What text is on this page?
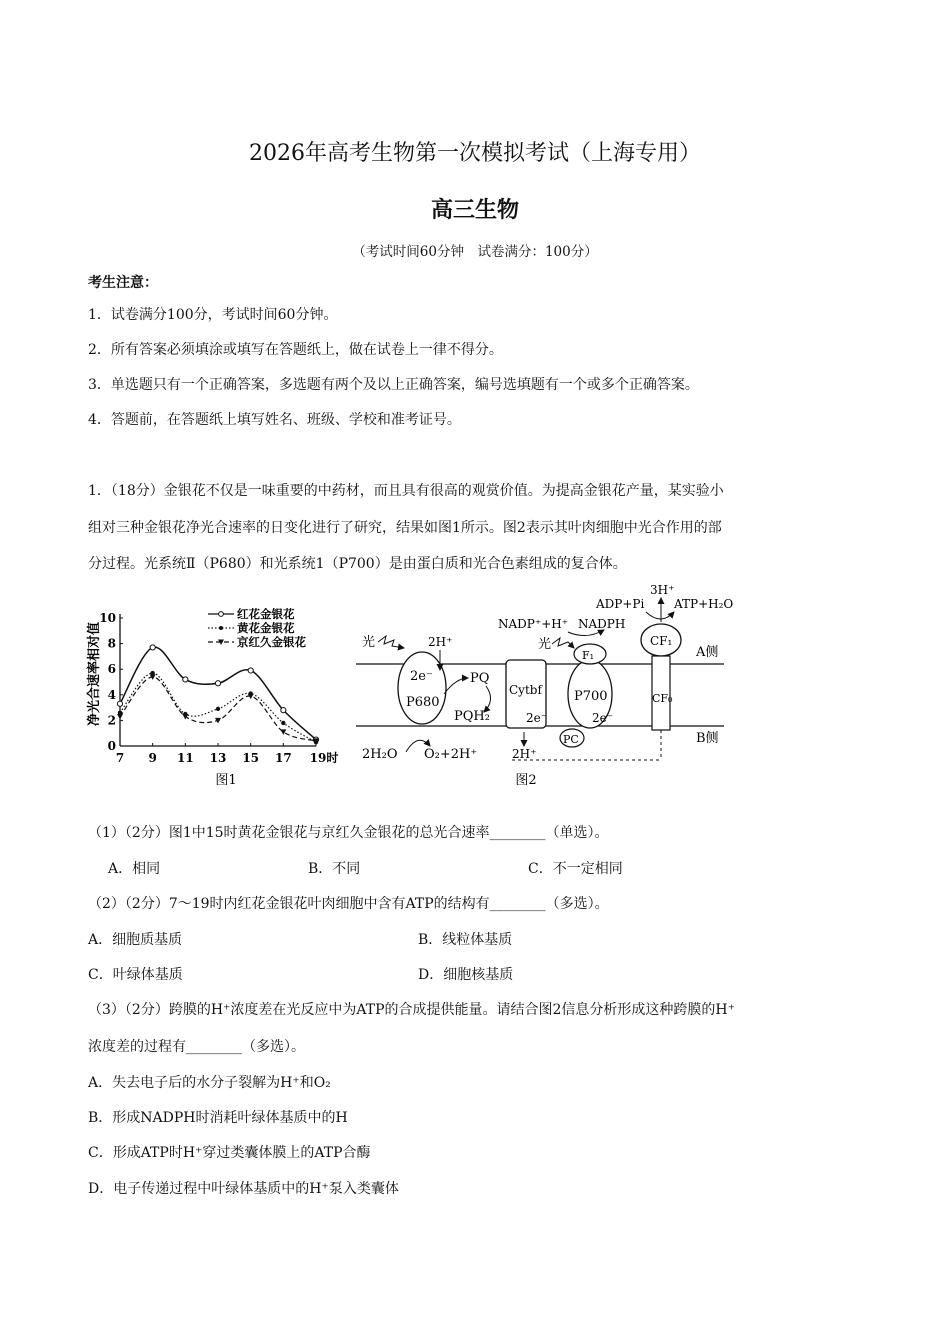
2026年高考生物第一次模拟考试（上海专用）
高三生物
（考试时间60分钟　试卷满分：100分）
考生注意：
1．试卷满分100分，考试时间60分钟。
2．所有答案必须填涂或填写在答题纸上，做在试卷上一律不得分。
3．单选题只有一个正确答案，多选题有两个及以上正确答案，编号选填题有一个或多个正确答案。
4．答题前，在答题纸上填写姓名、班级、学校和准考证号。
1．（18分）金银花不仅是一味重要的中药材，而且具有很高的观赏价值。为提高金银花产量，某实验小
组对三种金银花净光合速率的日变化进行了研究，结果如图1所示。图2表示其叶肉细胞中光合作用的部
分过程。光系统Ⅱ（P680）和光系统1（P700）是由蛋白质和光合色素组成的复合体。
7 9 11 13 15 17 19时
0
2
4
6
8
10	红花金银花
黄花金银花
京红久金银花
净光合速率相对值
图1
光
2e⁻
P680
2H⁺
PQ
PQH₂
Cytbf
2e⁻
P700
2e⁻
F₁
光
PC
NADP⁺+H⁺ NADPH
CF₁
CF₀
ADP+Pi ATP+H₂O
3H⁺
A侧
B侧
2H₂O O₂+2H⁺	2H⁺
图2
（1）（2分）图1中15时黄花金银花与京红久金银花的总光合速率________（单选）。
A．相同	B．不同	C．不一定相同
（2）（2分）7～19时内红花金银花叶肉细胞中含有ATP的结构有________（多选）。
A．细胞质基质	B．线粒体基质
C．叶绿体基质	D．细胞核基质
（3）（2分）跨膜的H⁺浓度差在光反应中为ATP的合成提供能量。请结合图2信息分析形成这种跨膜的H⁺
浓度差的过程有________（多选）。
A．失去电子后的水分子裂解为H⁺和O₂
B．形成NADPH时消耗叶绿体基质中的H
C．形成ATP时H⁺穿过类囊体膜上的ATP合酶
D．电子传递过程中叶绿体基质中的H⁺泵入类囊体
